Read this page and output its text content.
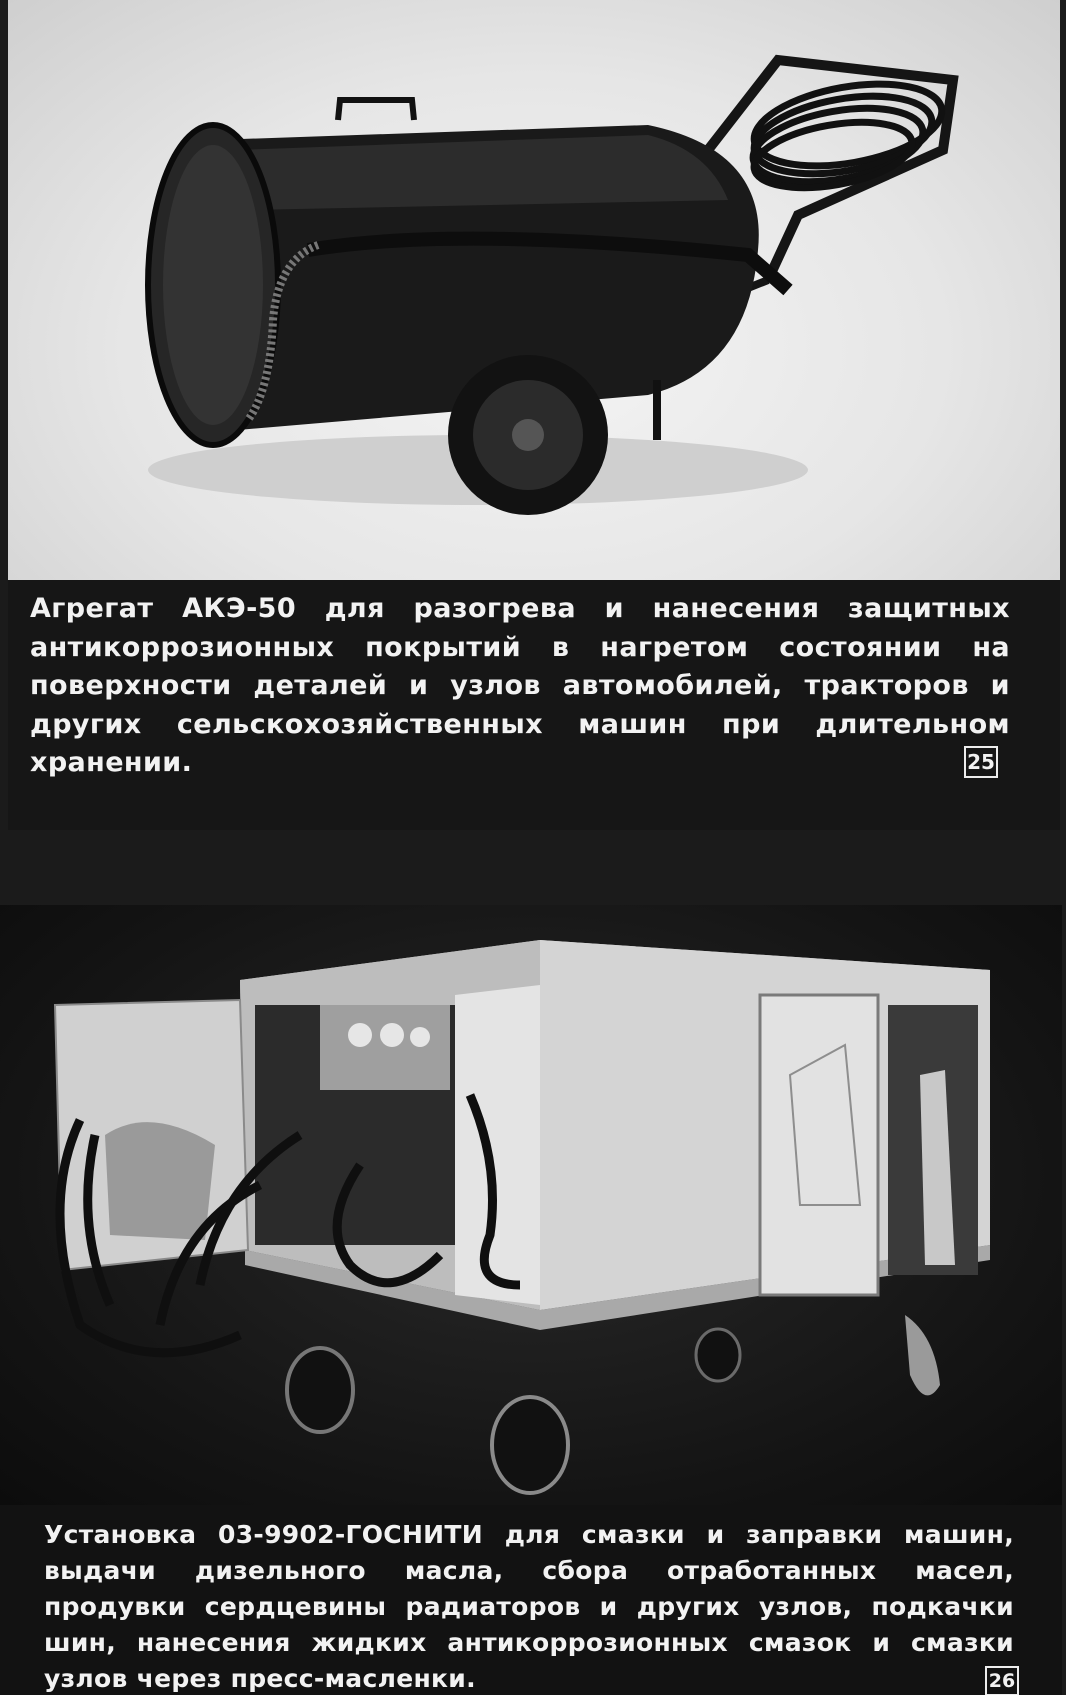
Агрегат АКЭ-50 для разогрева и нанесения защитных антикоррозионных покрытий в нагретом состоянии на поверхности деталей и узлов автомобилей, тракторов и других сельскохозяйственных машин при длительном хранении.	25
Установка 03-9902-ГОСНИТИ для смазки и заправки машин, выдачи дизельного масла, сбора отработанных масел, продувки сердцевины радиаторов и других узлов, подкачки шин, нанесения жидких антикоррозионных смазок и смазки узлов через пресс-масленки.	26
